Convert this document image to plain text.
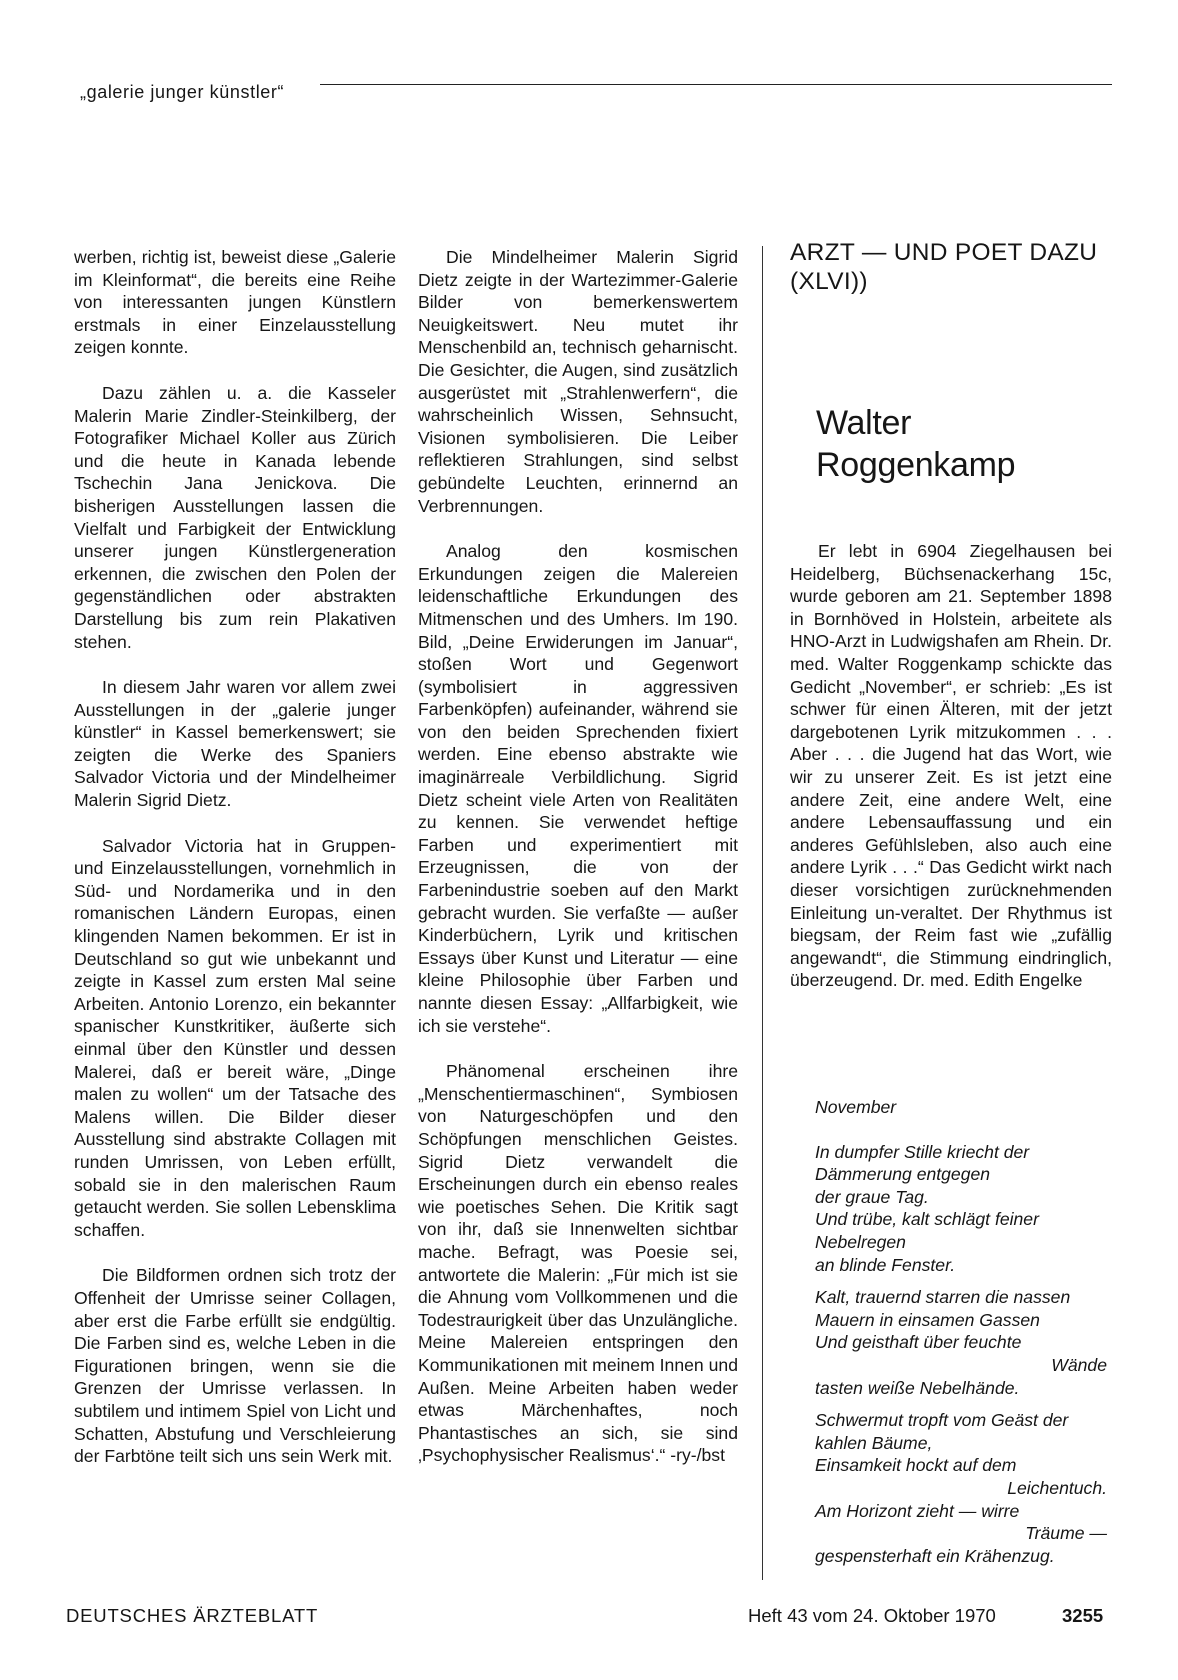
„galerie junger künstler“

werben, richtig ist, beweist diese „Galerie im Kleinformat“, die bereits eine Reihe von interessanten jungen Künstlern erstmals in einer Einzelausstellung zeigen konnte.

Dazu zählen u. a. die Kasseler Malerin Marie Zindler-Steinkilberg, der Fotografiker Michael Koller aus Zürich und die heute in Kanada lebende Tschechin Jana Jenickova. Die bisherigen Ausstellungen lassen die Vielfalt und Farbigkeit der Entwicklung unserer jungen Künstlergeneration erkennen, die zwischen den Polen der gegenständlichen oder abstrakten Darstellung bis zum rein Plakativen stehen.

In diesem Jahr waren vor allem zwei Ausstellungen in der „galerie junger künstler“ in Kassel bemerkenswert; sie zeigten die Werke des Spaniers Salvador Victoria und der Mindelheimer Malerin Sigrid Dietz.

Salvador Victoria hat in Gruppen- und Einzelausstellungen, vornehmlich in Süd- und Nordamerika und in den romanischen Ländern Europas, einen klingenden Namen bekommen. Er ist in Deutschland so gut wie unbekannt und zeigte in Kassel zum ersten Mal seine Arbeiten. Antonio Lorenzo, ein bekannter spanischer Kunstkritiker, äußerte sich einmal über den Künstler und dessen Malerei, daß er bereit wäre, „Dinge malen zu wollen“ um der Tatsache des Malens willen. Die Bilder dieser Ausstellung sind abstrakte Collagen mit runden Umrissen, von Leben erfüllt, sobald sie in den malerischen Raum getaucht werden. Sie sollen Lebensklima schaffen.

Die Bildformen ordnen sich trotz der Offenheit der Umrisse seiner Collagen, aber erst die Farbe erfüllt sie endgültig. Die Farben sind es, welche Leben in die Figurationen bringen, wenn sie die Grenzen der Umrisse verlassen. In subtilem und intimem Spiel von Licht und Schatten, Abstufung und Verschleierung der Farbtöne teilt sich uns sein Werk mit.

Die Mindelheimer Malerin Sigrid Dietz zeigte in der Wartezimmer-Galerie Bilder von bemerkenswertem Neuigkeitswert. Neu mutet ihr Menschenbild an, technisch geharnischt. Die Gesichter, die Augen, sind zusätzlich ausgerüstet mit „Strahlenwerfern“, die wahrscheinlich Wissen, Sehnsucht, Visionen symbolisieren. Die Leiber reflektieren Strahlungen, sind selbst gebündelte Leuchten, erinnernd an Verbrennungen.

Analog den kosmischen Erkundungen zeigen die Malereien leidenschaftliche Erkundungen des Mitmenschen und des Umhers. Im 190. Bild, „Deine Erwiderungen im Januar“, stoßen Wort und Gegenwort (symbolisiert in aggressiven Farbenköpfen) aufeinander, während sie von den beiden Sprechenden fixiert werden. Eine ebenso abstrakte wie imaginärreale Verbildlichung. Sigrid Dietz scheint viele Arten von Realitäten zu kennen. Sie verwendet heftige Farben und experimentiert mit Erzeugnissen, die von der Farbenindustrie soeben auf den Markt gebracht wurden. Sie verfaßte — außer Kinderbüchern, Lyrik und kritischen Essays über Kunst und Literatur — eine kleine Philosophie über Farben und nannte diesen Essay: „Allfarbigkeit, wie ich sie verstehe“.

Phänomenal erscheinen ihre „Menschentiermaschinen“, Symbiosen von Naturgeschöpfen und den Schöpfungen menschlichen Geistes. Sigrid Dietz verwandelt die Erscheinungen durch ein ebenso reales wie poetisches Sehen. Die Kritik sagt von ihr, daß sie Innenwelten sichtbar mache. Befragt, was Poesie sei, antwortete die Malerin: „Für mich ist sie die Ahnung vom Vollkommenen und die Todestraurigkeit über das Unzulängliche. Meine Malereien entspringen den Kommunikationen mit meinem Innen und Außen. Meine Arbeiten haben weder etwas Märchenhaftes, noch Phantastisches an sich, sie sind ‚Psychophysischer Realismus‘.“ -ry-/bst

ARZT — UND POET DAZU (XLVI))
Walter Roggenkamp

Er lebt in 6904 Ziegelhausen bei Heidelberg, Büchsenackerhang 15c, wurde geboren am 21. September 1898 in Bornhöved in Holstein, arbeitete als HNO-Arzt in Ludwigshafen am Rhein. Dr. med. Walter Roggenkamp schickte das Gedicht „November“, er schrieb: „Es ist schwer für einen Älteren, mit der jetzt dargebotenen Lyrik mitzukommen . . . Aber . . . die Jugend hat das Wort, wie wir zu unserer Zeit. Es ist jetzt eine andere Zeit, eine andere Welt, eine andere Lebensauffassung und ein anderes Gefühlsleben, also auch eine andere Lyrik . . .“ Das Gedicht wirkt nach dieser vorsichtigen zurücknehmenden Einleitung un-veraltet. Der Rhythmus ist biegsam, der Reim fast wie „zufällig angewandt“, die Stimmung eindringlich, überzeugend. Dr. med. Edith Engelke

November
In dumpfer Stille kriecht der
Dämmerung entgegen
der graue Tag.
Und trübe, kalt schlägt feiner
Nebelregen
an blinde Fenster.
Kalt, trauernd starren die nassen
Mauern in einsamen Gassen
Und geisthaft über feuchte
Wände
tasten weiße Nebelhände.
Schwermut tropft vom Geäst der
kahlen Bäume,
Einsamkeit hockt auf dem
Leichentuch.
Am Horizont zieht — wirre
Träume —
gespensterhaft ein Krähenzug.
DEUTSCHES ÄRZTEBLATT	Heft 43 vom 24. Oktober 1970	3255
